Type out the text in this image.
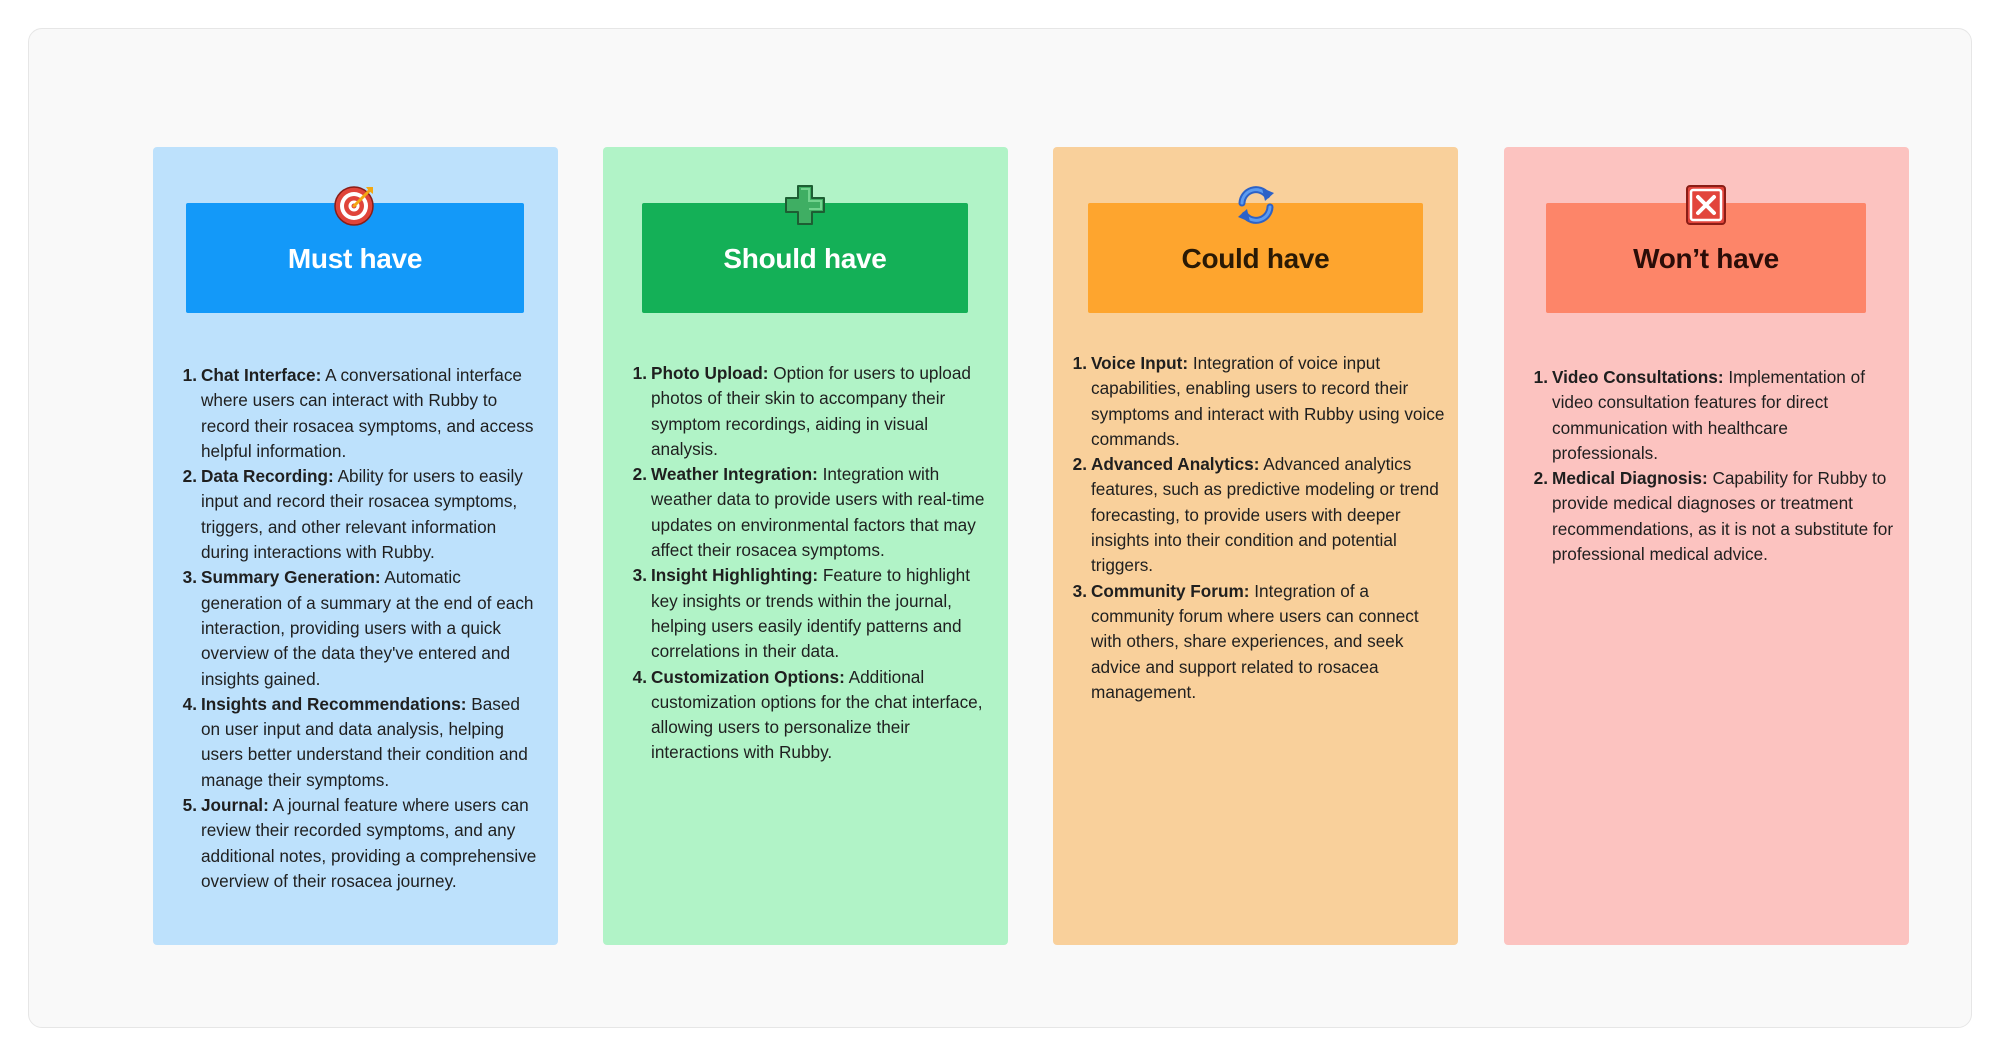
Must have
1. Chat Interface: A conversational interface where users can interact with Rubby to record their rosacea symptoms, and access helpful information.
2. Data Recording: Ability for users to easily input and record their rosacea symptoms, triggers, and other relevant information during interactions with Rubby.
3. Summary Generation: Automatic generation of a summary at the end of each interaction, providing users with a quick overview of the data they've entered and insights gained.
4. Insights and Recommendations: Based on user input and data analysis, helping users better understand their condition and manage their symptoms.
5. Journal: A journal feature where users can review their recorded symptoms, and any additional notes, providing a comprehensive overview of their rosacea journey.
Should have
1. Photo Upload: Option for users to upload photos of their skin to accompany their symptom recordings, aiding in visual analysis.
2. Weather Integration: Integration with weather data to provide users with real-time updates on environmental factors that may affect their rosacea symptoms.
3. Insight Highlighting: Feature to highlight key insights or trends within the journal, helping users easily identify patterns and correlations in their data.
4. Customization Options: Additional customization options for the chat interface, allowing users to personalize their interactions with Rubby.
Could have
1. Voice Input: Integration of voice input capabilities, enabling users to record their symptoms and interact with Rubby using voice commands.
2. Advanced Analytics: Advanced analytics features, such as predictive modeling or trend forecasting, to provide users with deeper insights into their condition and potential triggers.
3. Community Forum: Integration of a community forum where users can connect with others, share experiences, and seek advice and support related to rosacea management.
Won’t have
1. Video Consultations: Implementation of video consultation features for direct communication with healthcare professionals.
2. Medical Diagnosis: Capability for Rubby to provide medical diagnoses or treatment recommendations, as it is not a substitute for professional medical advice.
